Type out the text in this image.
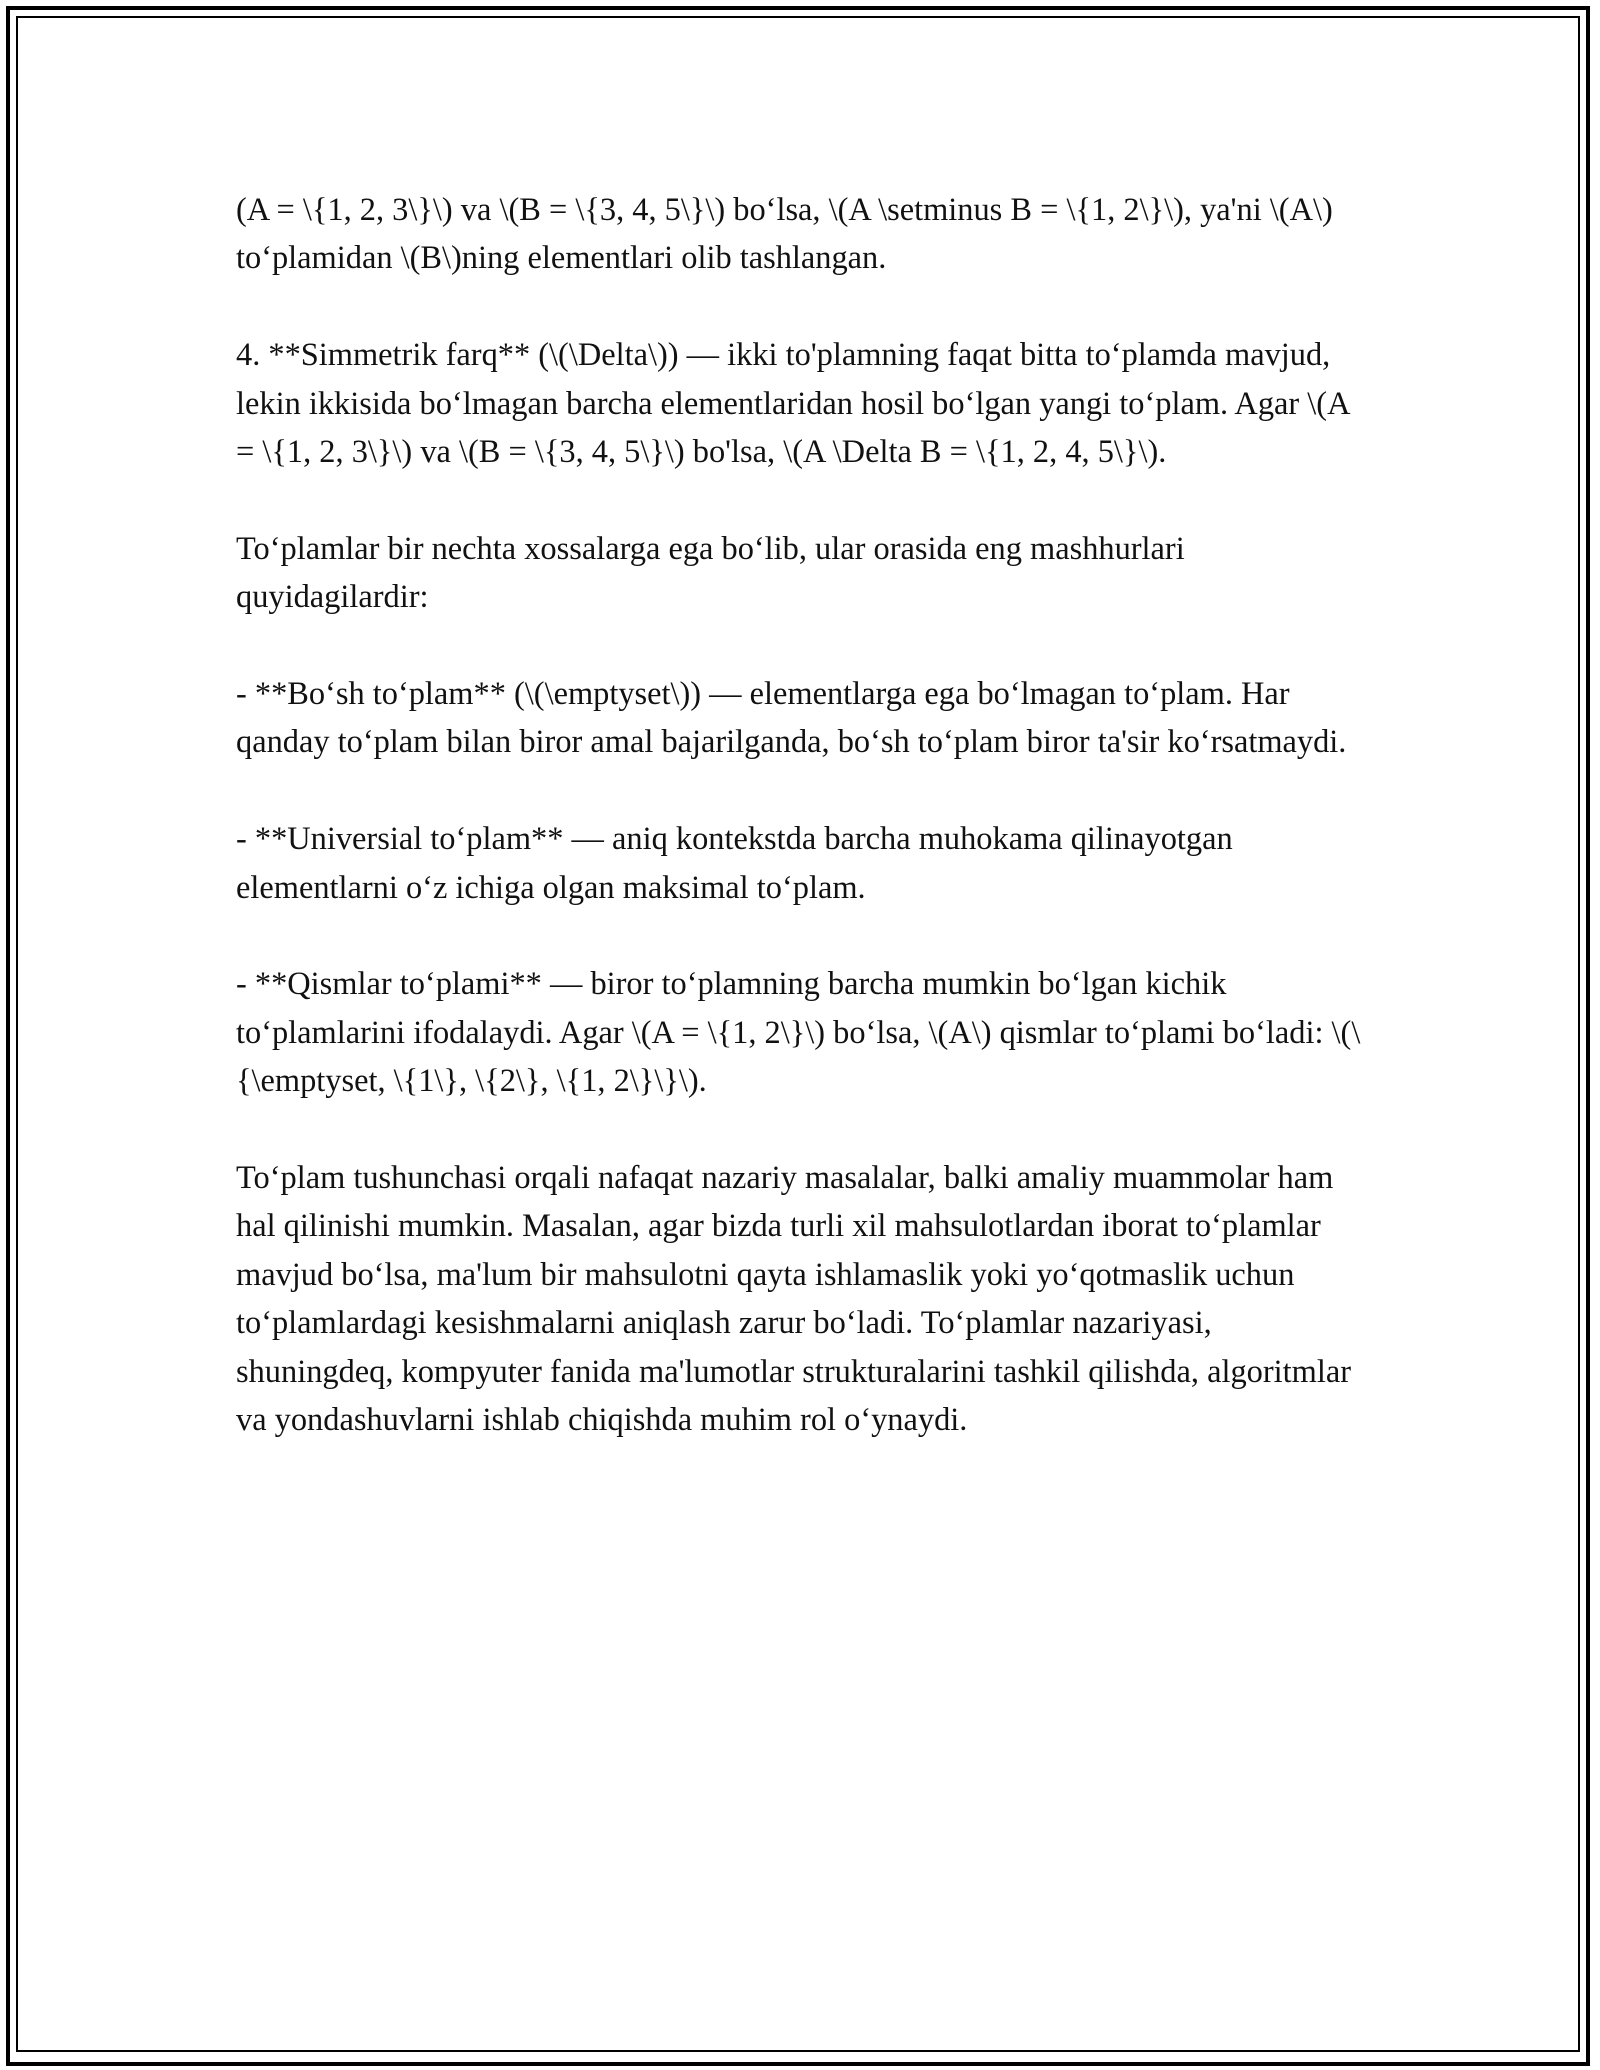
(A = \{1, 2, 3\}\) va \(B = \{3, 4, 5\}\) bo‘lsa, \(A \setminus B = \{1, 2\}\), ya'ni \(A\) to‘plamidan \(B\)ning elementlari olib tashlangan.

4. **Simmetrik farq** (\(\Delta\)) — ikki to'plamning faqat bitta to‘plamda mavjud, lekin ikkisida bo‘lmagan barcha elementlaridan hosil bo‘lgan yangi to‘plam. Agar \(A = \{1, 2, 3\}\) va \(B = \{3, 4, 5\}\) bo'lsa, \(A \Delta B = \{1, 2, 4, 5\}\).

To‘plamlar bir nechta xossalarga ega bo‘lib, ular orasida eng mashhurlari quyidagilardir:

- **Bo‘sh to‘plam** (\(\emptyset\)) — elementlarga ega bo‘lmagan to‘plam. Har qanday to‘plam bilan biror amal bajarilganda, bo‘sh to‘plam biror ta'sir ko‘rsatmaydi.

- **Universial to‘plam** — aniq kontekstda barcha muhokama qilinayotgan elementlarni o‘z ichiga olgan maksimal to‘plam.

- **Qismlar to‘plami** — biror to‘plamning barcha mumkin bo‘lgan kichik to‘plamlarini ifodalaydi. Agar \(A = \{1, 2\}\) bo‘lsa, \(A\) qismlar to‘plami bo‘ladi: \(\{\emptyset, \{1\}, \{2\}, \{1, 2\}\}\).

To‘plam tushunchasi orqali nafaqat nazariy masalalar, balki amaliy muammolar ham hal qilinishi mumkin. Masalan, agar bizda turli xil mahsulotlardan iborat to‘plamlar mavjud bo‘lsa, ma'lum bir mahsulotni qayta ishlamaslik yoki yo‘qotmaslik uchun to‘plamlardagi kesishmalarni aniqlash zarur bo‘ladi. To‘plamlar nazariyasi, shuningdeq, kompyuter fanida ma'lumotlar strukturalarini tashkil qilishda, algoritmlar va yondashuvlarni ishlab chiqishda muhim rol o‘ynaydi.
